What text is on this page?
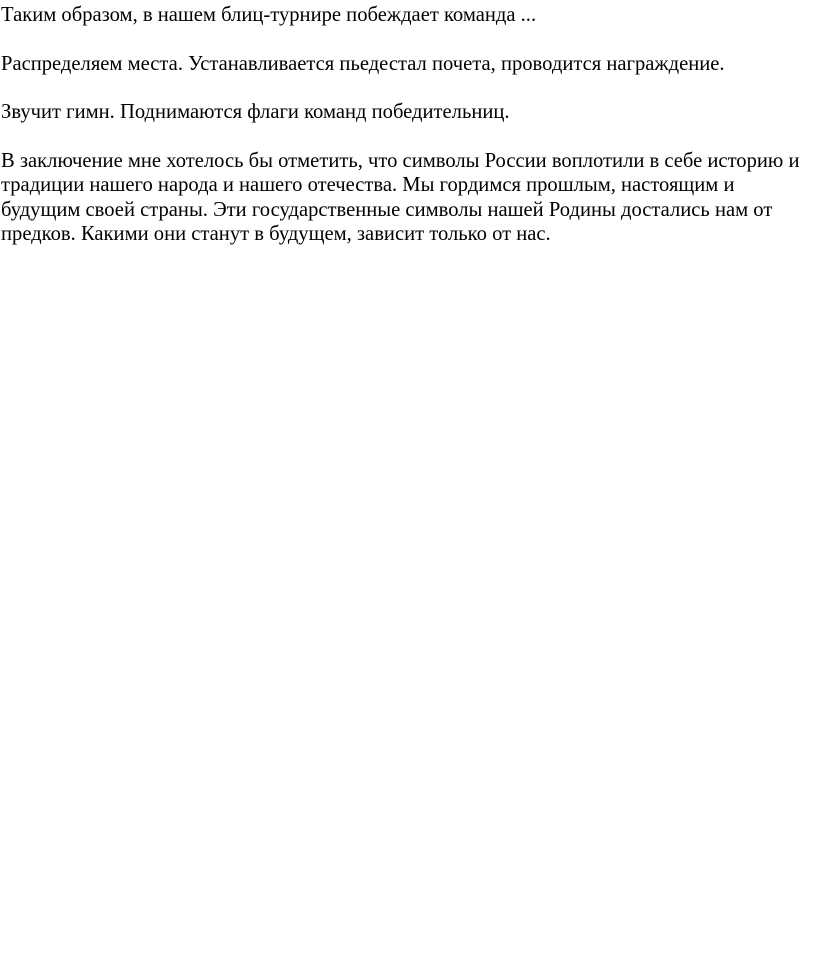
Таким образом, в нашем блиц-турнире побеждает команда ...

Распределяем места. Устанавливается пьедестал почета, проводится награждение.

Звучит гимн. Поднимаются флаги команд победительниц.

В заключение мне хотелось бы отметить, что символы России воплотили в себе историю и
традиции нашего народа и нашего отечества. Мы гордимся прошлым, настоящим и
будущим своей страны. Эти государственные символы нашей Родины достались нам от
предков. Какими они станут в будущем, зависит только от нас.
